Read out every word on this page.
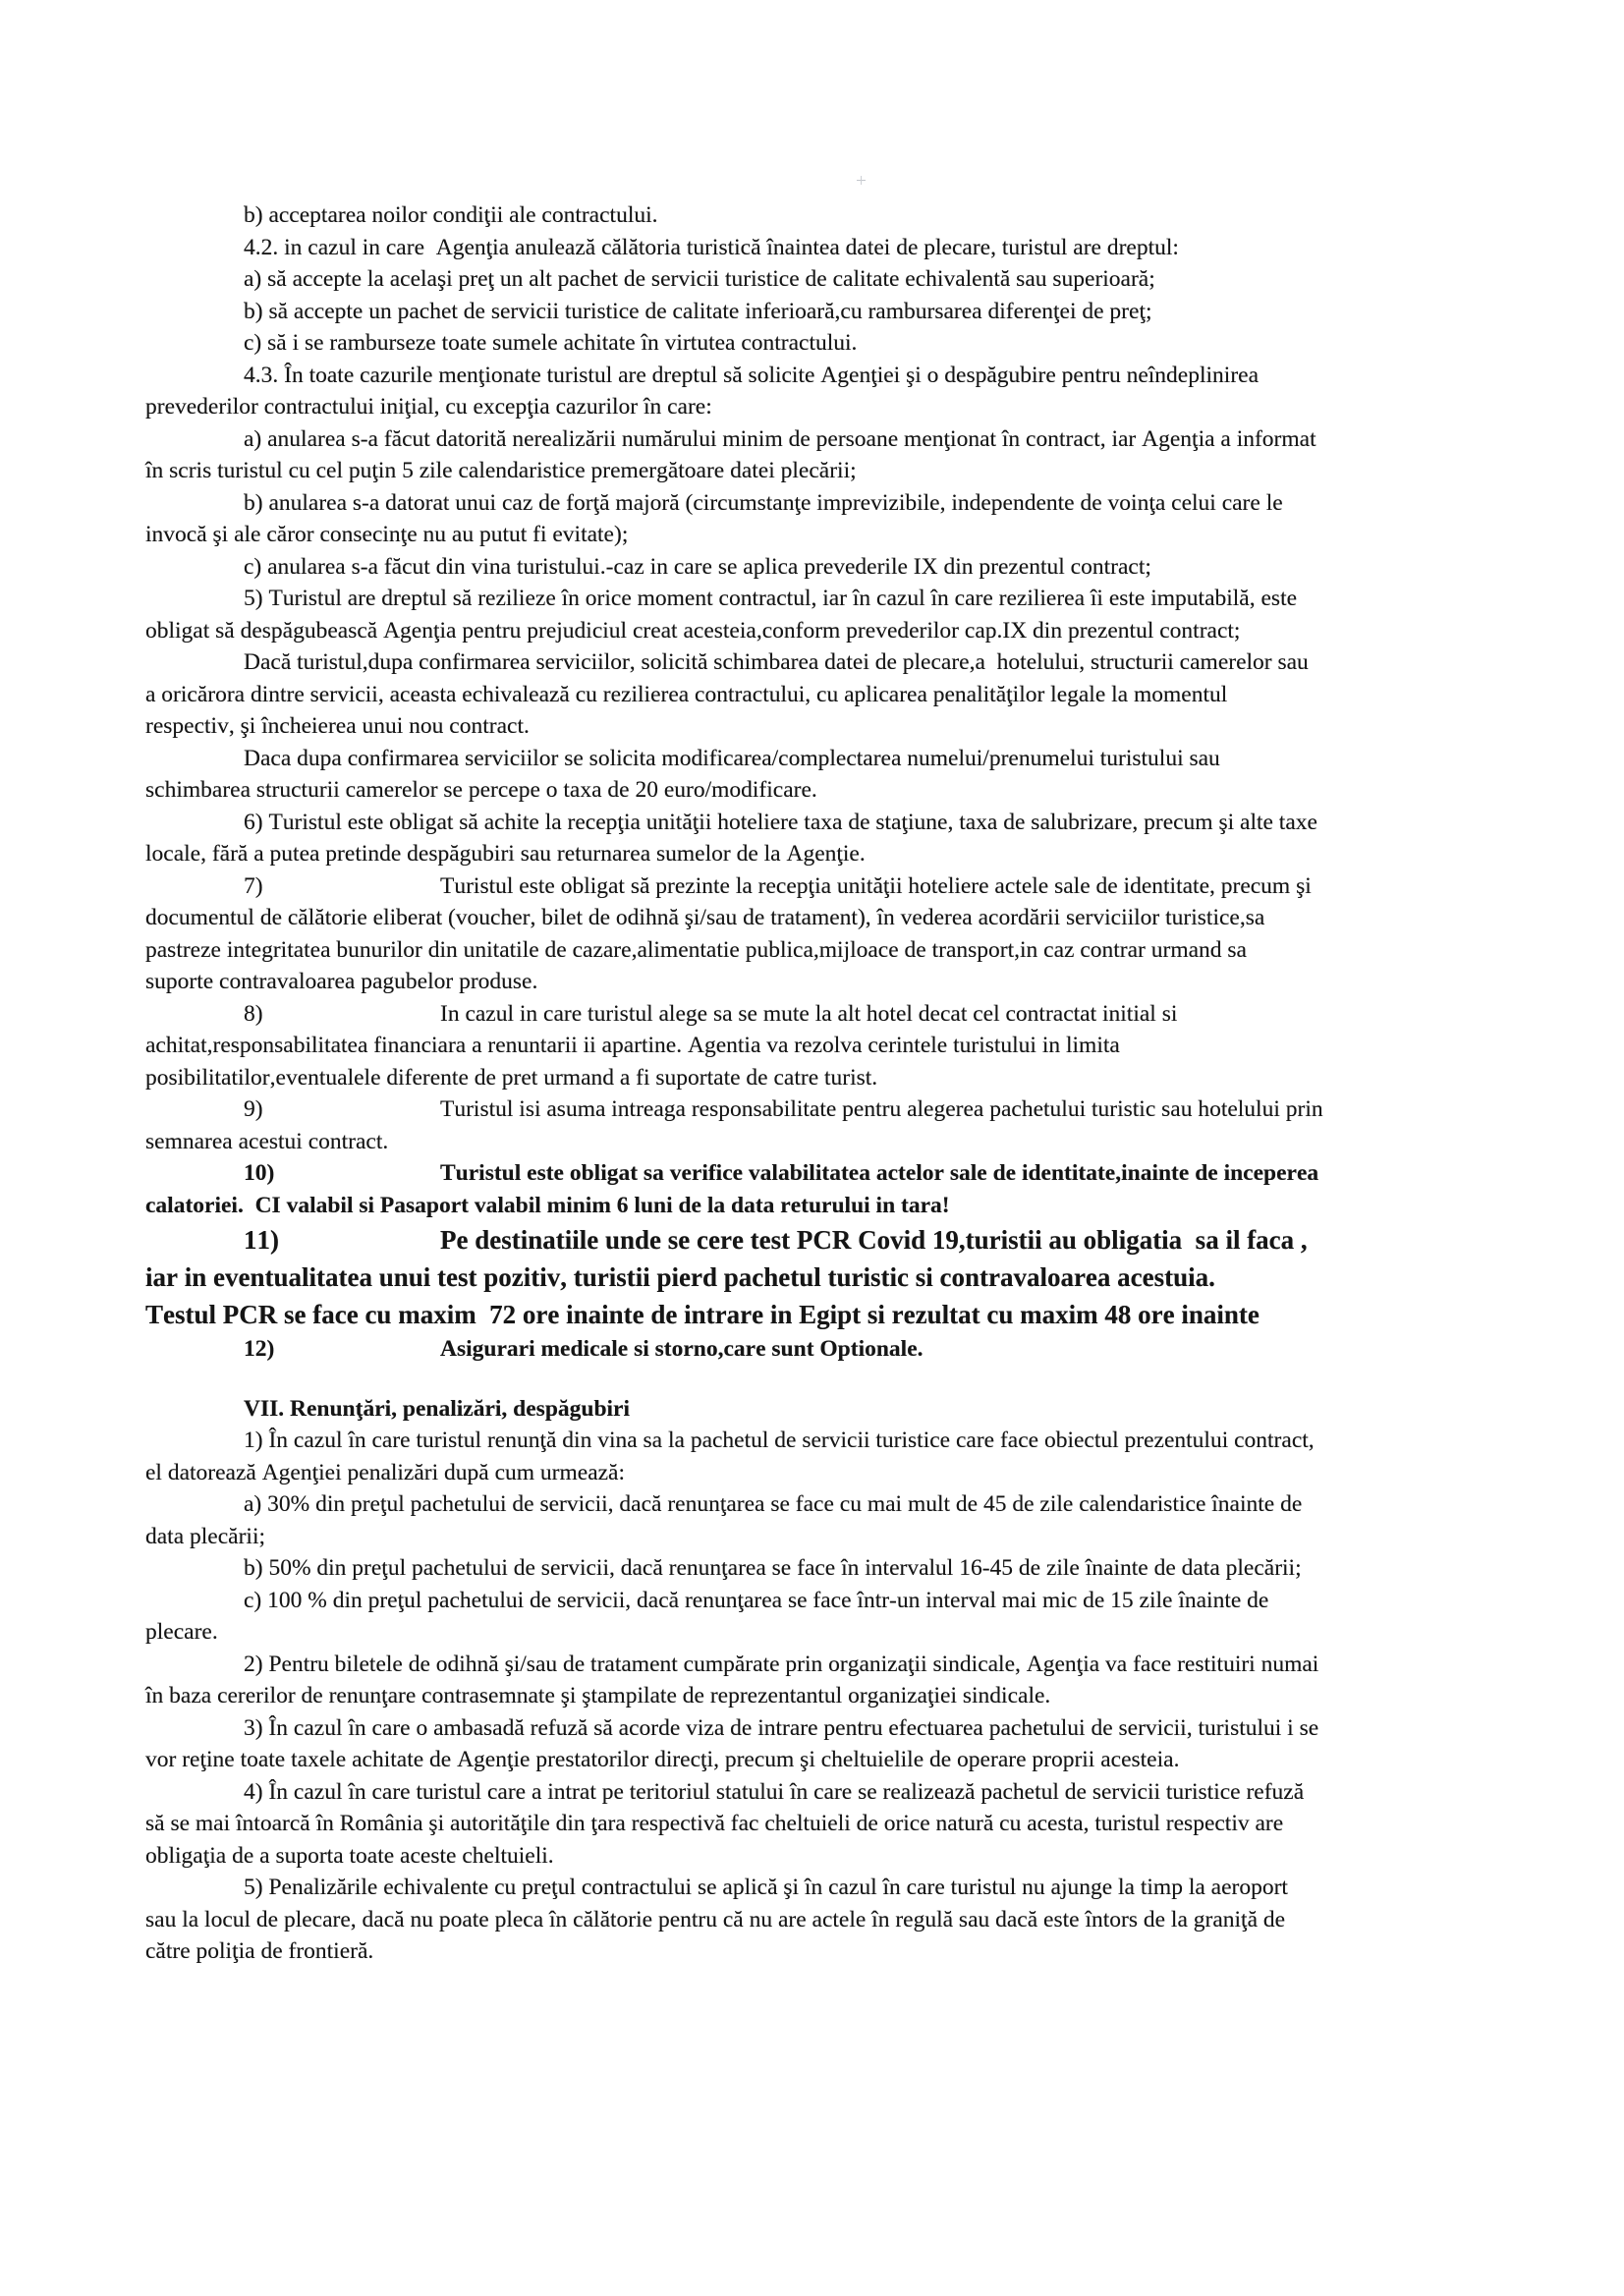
b) acceptarea noilor condiţii ale contractului.

4.2. in cazul in care  Agenţia anulează călătoria turistică înaintea datei de plecare, turistul are dreptul:

a) să accepte la acelaşi preţ un alt pachet de servicii turistice de calitate echivalentă sau superioară;

b) să accepte un pachet de servicii turistice de calitate inferioară,cu rambursarea diferenţei de preţ;

c) să i se ramburseze toate sumele achitate în virtutea contractului.

4.3. În toate cazurile menţionate turistul are dreptul să solicite Agenţiei şi o despăgubire pentru neîndeplinirea

prevederilor contractului iniţial, cu excepţia cazurilor în care:

a) anularea s-a făcut datorită nerealizării numărului minim de persoane menţionat în contract, iar Agenţia a informat

în scris turistul cu cel puţin 5 zile calendaristice premergătoare datei plecării;

b) anularea s-a datorat unui caz de forţă majoră (circumstanţe imprevizibile, independente de voinţa celui care le

invocă şi ale căror consecinţe nu au putut fi evitate);

c) anularea s-a făcut din vina turistului.-caz in care se aplica prevederile IX din prezentul contract;

5) Turistul are dreptul să rezilieze în orice moment contractul, iar în cazul în care rezilierea îi este imputabilă, este

obligat să despăgubească Agenţia pentru prejudiciul creat acesteia,conform prevederilor cap.IX din prezentul contract;

Dacă turistul,dupa confirmarea serviciilor, solicită schimbarea datei de plecare,a  hotelului, structurii camerelor sau

a oricărora dintre servicii, aceasta echivalează cu rezilierea contractului, cu aplicarea penalităţilor legale la momentul

respectiv, şi încheierea unui nou contract.

Daca dupa confirmarea serviciilor se solicita modificarea/complectarea numelui/prenumelui turistului sau

schimbarea structurii camerelor se percepe o taxa de 20 euro/modificare.

6) Turistul este obligat să achite la recepţia unităţii hoteliere taxa de staţiune, taxa de salubrizare, precum şi alte taxe

locale, fără a putea pretinde despăgubiri sau returnarea sumelor de la Agenţie.

7)	Turistul este obligat să prezinte la recepţia unităţii hoteliere actele sale de identitate, precum şi

documentul de călătorie eliberat (voucher, bilet de odihnă şi/sau de tratament), în vederea acordării serviciilor turistice,sa

pastreze integritatea bunurilor din unitatile de cazare,alimentatie publica,mijloace de transport,in caz contrar urmand sa

suporte contravaloarea pagubelor produse.

8)	In cazul in care turistul alege sa se mute la alt hotel decat cel contractat initial si

achitat,responsabilitatea financiara a renuntarii ii apartine. Agentia va rezolva cerintele turistului in limita

posibilitatilor,eventualele diferente de pret urmand a fi suportate de catre turist.

9)	Turistul isi asuma intreaga responsabilitate pentru alegerea pachetului turistic sau hotelului prin

semnarea acestui contract.

10)	Turistul este obligat sa verifice valabilitatea actelor sale de identitate,inainte de inceperea

calatoriei.  CI valabil si Pasaport valabil minim 6 luni de la data returului in tara!

11)	Pe destinatiile unde se cere test PCR Covid 19,turistii au obligatia  sa il faca ,

iar in eventualitatea unui test pozitiv, turistii pierd pachetul turistic si contravaloarea acestuia.

Testul PCR se face cu maxim  72 ore inainte de intrare in Egipt si rezultat cu maxim 48 ore inainte

12)	Asigurari medicale si storno,care sunt Optionale.

VII. Renunţări, penalizări, despăgubiri

1) În cazul în care turistul renunţă din vina sa la pachetul de servicii turistice care face obiectul prezentului contract,

el datorează Agenţiei penalizări după cum urmează:

a) 30% din preţul pachetului de servicii, dacă renunţarea se face cu mai mult de 45 de zile calendaristice înainte de

data plecării;

b) 50% din preţul pachetului de servicii, dacă renunţarea se face în intervalul 16-45 de zile înainte de data plecării;

c) 100 % din preţul pachetului de servicii, dacă renunţarea se face într-un interval mai mic de 15 zile înainte de

plecare.

2) Pentru biletele de odihnă şi/sau de tratament cumpărate prin organizaţii sindicale, Agenţia va face restituiri numai

în baza cererilor de renunţare contrasemnate şi ştampilate de reprezentantul organizaţiei sindicale.

3) În cazul în care o ambasadă refuză să acorde viza de intrare pentru efectuarea pachetului de servicii, turistului i se

vor reţine toate taxele achitate de Agenţie prestatorilor direcţi, precum şi cheltuielile de operare proprii acesteia.

4) În cazul în care turistul care a intrat pe teritoriul statului în care se realizează pachetul de servicii turistice refuză

să se mai întoarcă în România şi autorităţile din ţara respectivă fac cheltuieli de orice natură cu acesta, turistul respectiv are

obligaţia de a suporta toate aceste cheltuieli.

5) Penalizările echivalente cu preţul contractului se aplică şi în cazul în care turistul nu ajunge la timp la aeroport

sau la locul de plecare, dacă nu poate pleca în călătorie pentru că nu are actele în regulă sau dacă este întors de la graniţă de

către poliţia de frontieră.
